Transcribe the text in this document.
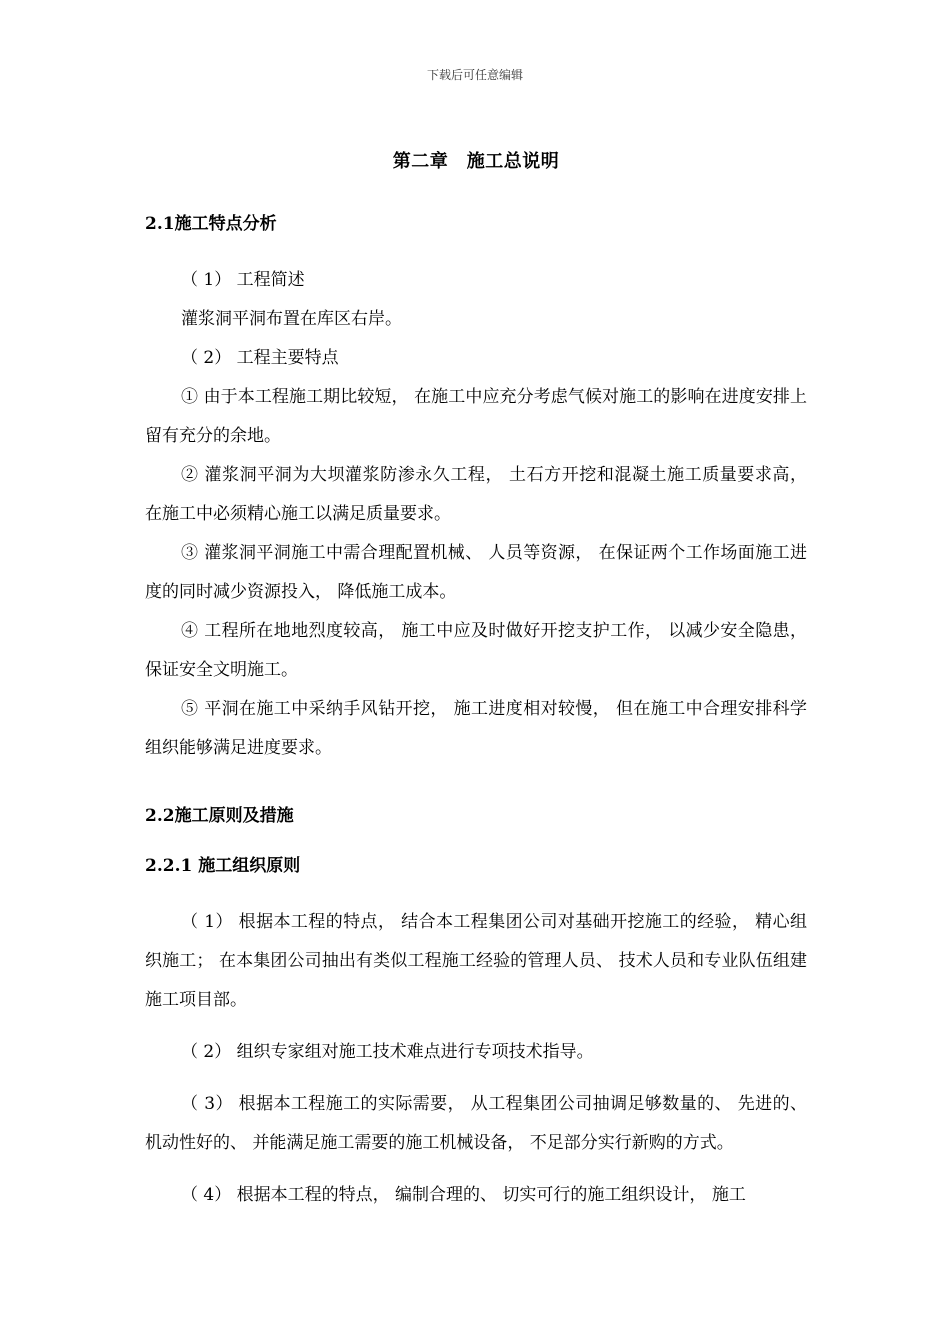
下载后可任意编辑
第二章　施工总说明
2.1施工特点分析

（ 1） 工程简述

灌浆洞平洞布置在库区右岸。

（ 2） 工程主要特点

① 由于本工程施工期比较短， 在施工中应充分考虑气候对施工的影响在进度安排上留有充分的余地。

② 灌浆洞平洞为大坝灌浆防渗永久工程， 土石方开挖和混凝土施工质量要求高， 在施工中必须精心施工以满足质量要求。

③ 灌浆洞平洞施工中需合理配置机械、 人员等资源， 在保证两个工作场面施工进度的同时减少资源投入， 降低施工成本。

④ 工程所在地地烈度较高， 施工中应及时做好开挖支护工作， 以减少安全隐患， 保证安全文明施工。

⑤ 平洞在施工中采纳手风钻开挖， 施工进度相对较慢， 但在施工中合理安排科学组织能够满足进度要求。

2.2施工原则及措施
2.2.1 施工组织原则

（ 1） 根据本工程的特点， 结合本工程集团公司对基础开挖施工的经验， 精心组织施工； 在本集团公司抽出有类似工程施工经验的管理人员、 技术人员和专业队伍组建施工项目部。

（ 2） 组织专家组对施工技术难点进行专项技术指导。

（ 3） 根据本工程施工的实际需要， 从工程集团公司抽调足够数量的、 先进的、 机动性好的、 并能满足施工需要的施工机械设备， 不足部分实行新购的方式。

（ 4） 根据本工程的特点， 编制合理的、 切实可行的施工组织设计， 施工
